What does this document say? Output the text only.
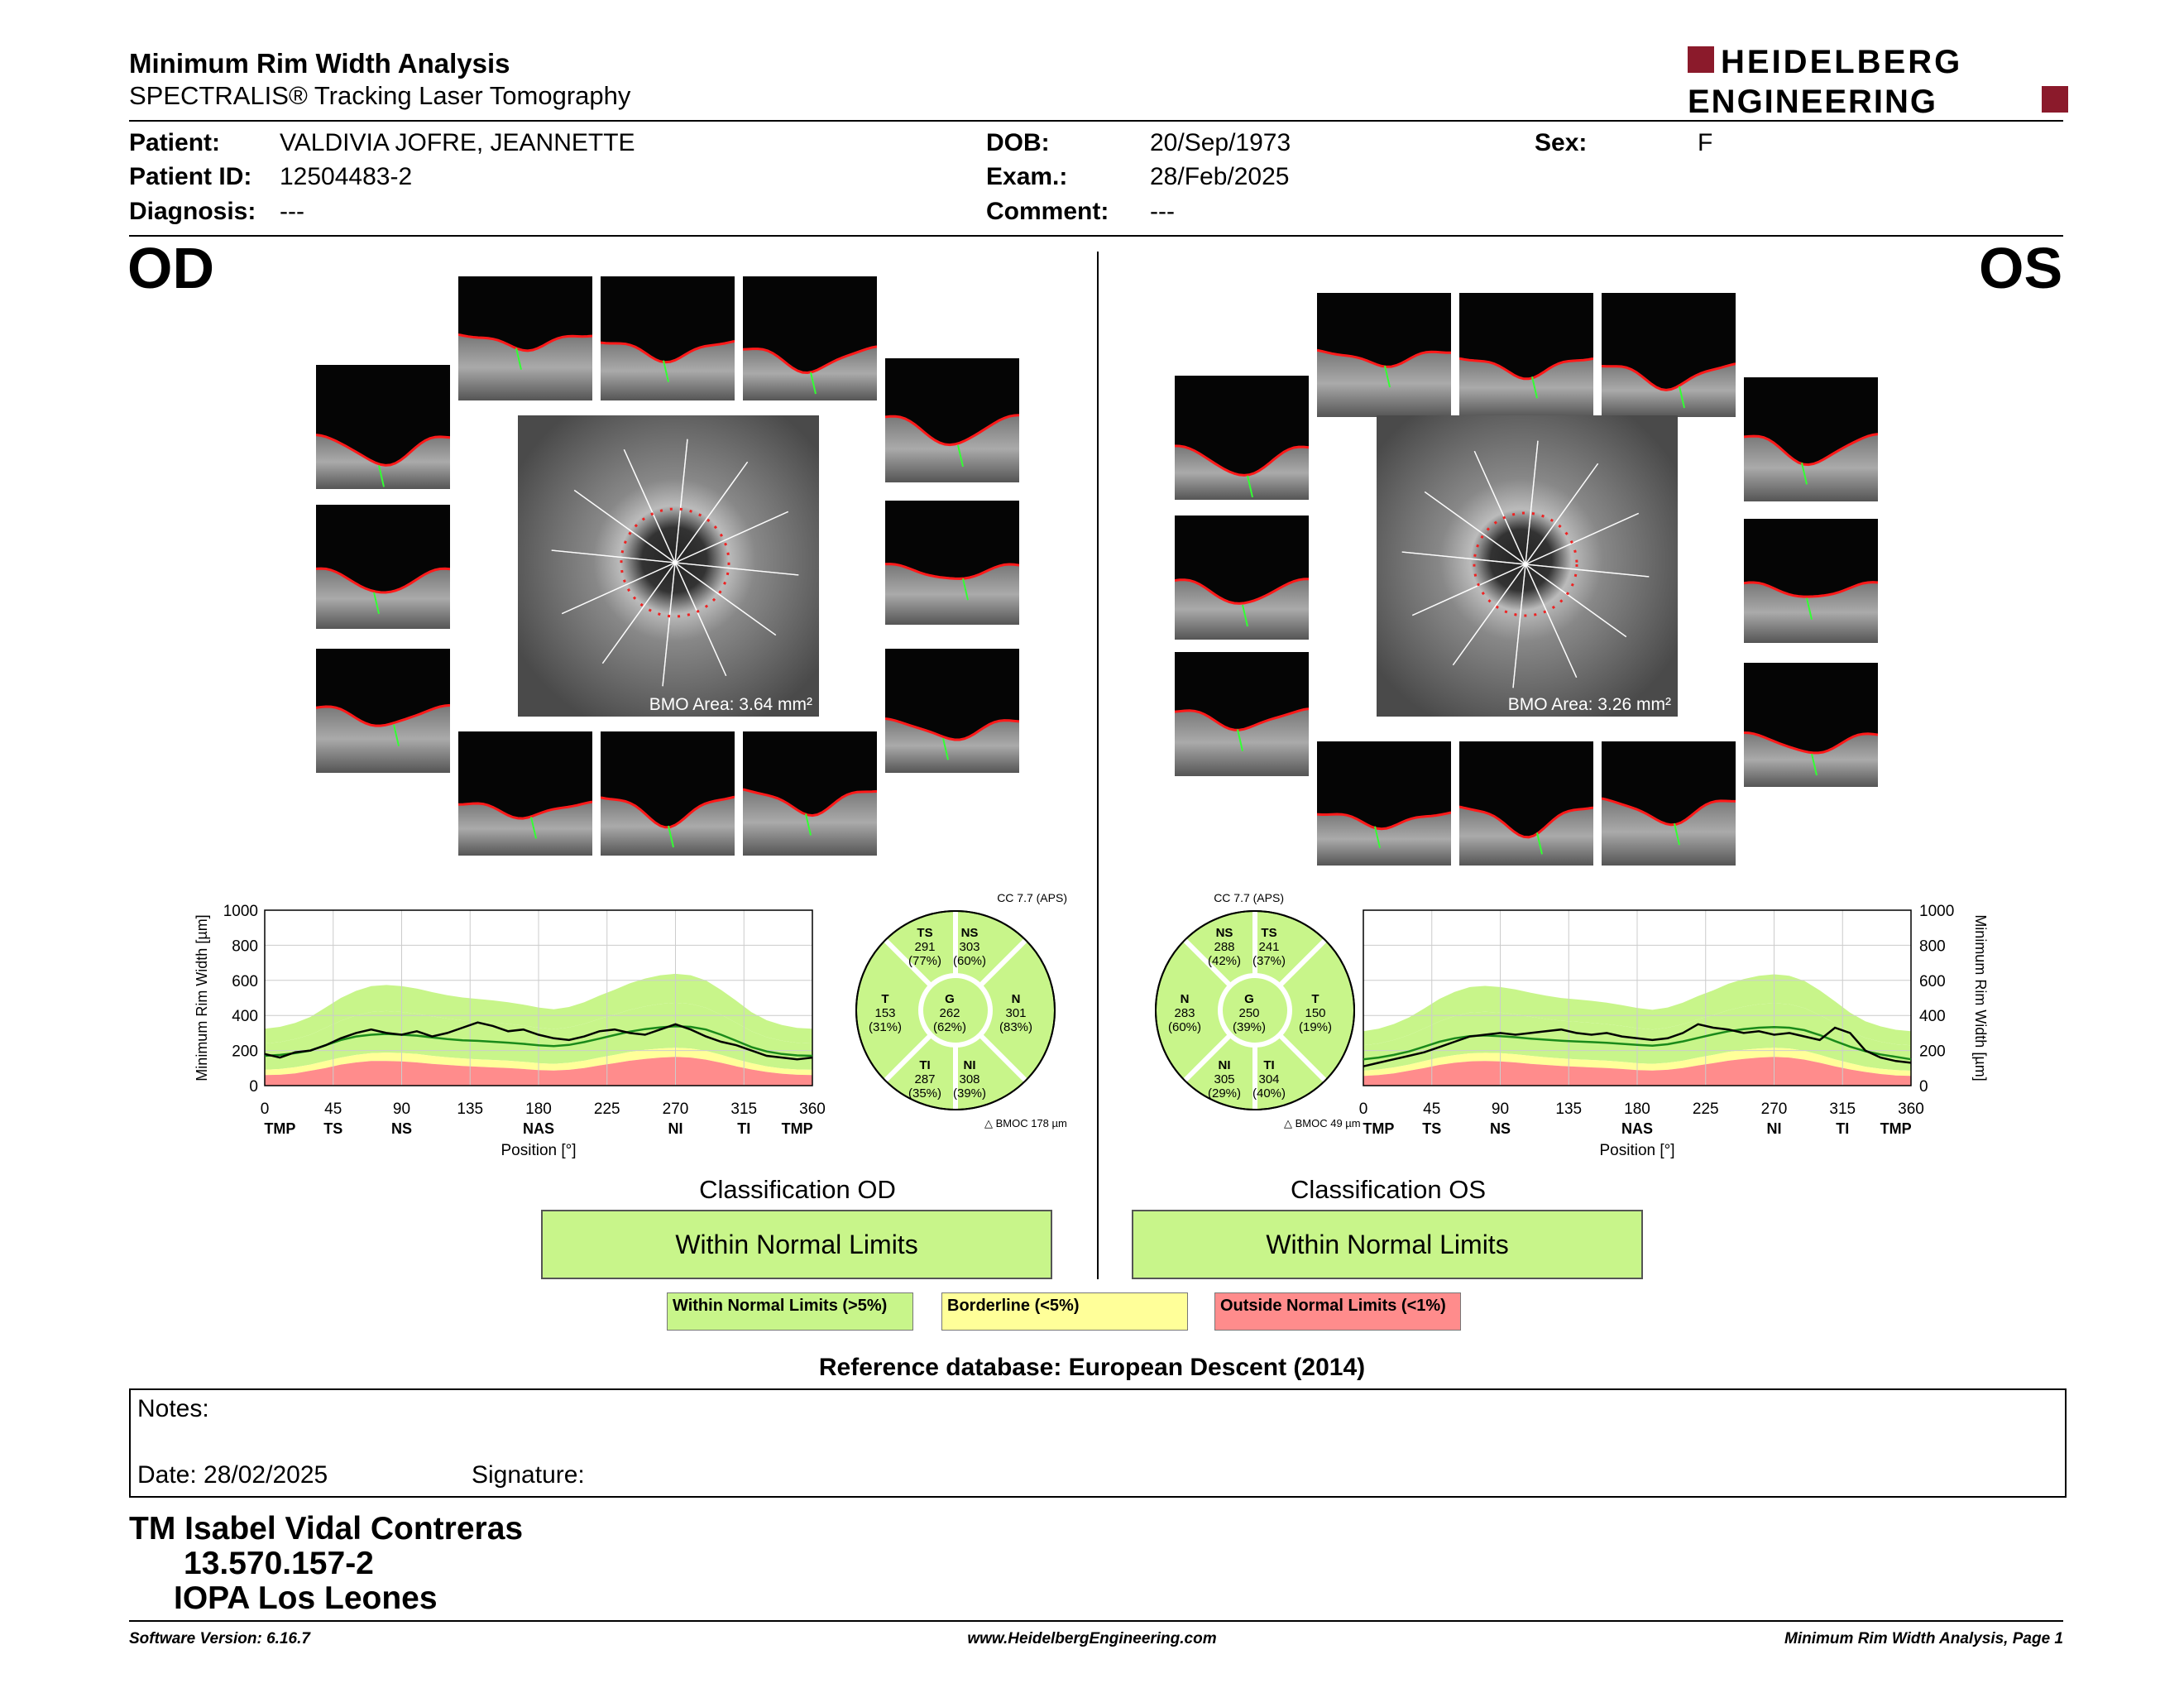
Minimum Rim Width Analysis
SPECTRALIS® Tracking Laser Tomography
HEIDELBERG
ENGINEERING
Patient: VALDIVIA JOFRE, JEANNETTE
Patient ID: 12504483-2
Diagnosis: ---
DOB:	20/Sep/1973
Exam.:	28/Feb/2025
Comment: ---
Sex:	F
OD	OS
BMO Area: 3.64 mm²	BMO Area: 3.26 mm²
0	45	90	135	180	225	270	315	360
0
200
400
600
800
1000
TMP TS	NS	NAS	NI	TI TMP
Position [°]
Minimum Rim Width [µm]
0	45	90	135	180	225	270	315	360
0
200
400
600
800
1000
TMP TS	NS	NAS	NI	TI TMP
Position [°]
Minimum Rim Width [µm]
TS
291
(77%)
NS
303
(60%)
T
153
(31%)
G
262
(62%)
N
301
(83%)
TI
287
(35%)
NI
308
(39%)
CC 7.7 (APS)
△ BMOC 178 µm
NS
288
(42%)
TS
241
(37%)
N
283
(60%)
G
250
(39%)
T
150
(19%)
NI
305
(29%)
TI
304
(40%)
CC 7.7 (APS)
△ BMOC 49 µm
Classification OD
Within Normal Limits
Classification OS
Within Normal Limits
Within Normal Limits (>5%)	Borderline (<5%)	Outside Normal Limits (<1%)
Reference database: European Descent (2014)
Notes:
Date: 28/02/2025	Signature:
TM Isabel Vidal Contreras
13.570.157-2
IOPA Los Leones
Software Version: 6.16.7	www.HeidelbergEngineering.com	Minimum Rim Width Analysis, Page 1
